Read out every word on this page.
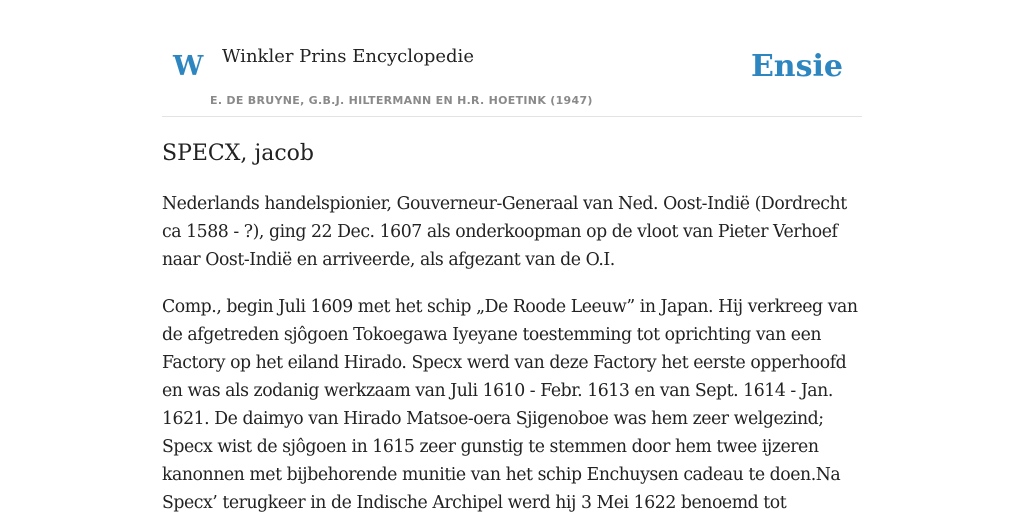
W Winkler Prins Encyclopedie
E. DE BRUYNE, G.B.J. HILTERMANN EN H.R. HOETINK (1947)
Ensie
SPECX, jacob
Nederlands handelspionier, Gouverneur-Generaal van Ned. Oost-Indië (Dordrecht
ca 1588 - ?), ging 22 Dec. 1607 als onderkoopman op de vloot van Pieter Verhoef
naar Oost-Indië en arriveerde, als afgezant van de O.I.
Comp., begin Juli 1609 met het schip „De Roode Leeuw” in Japan. Hij verkreeg van
de afgetreden sjôgoen Tokoegawa Iyeyane toestemming tot oprichting van een
Factory op het eiland Hirado. Specx werd van deze Factory het eerste opperhoofd
en was als zodanig werkzaam van Juli 1610 - Febr. 1613 en van Sept. 1614 - Jan.
1621. De daimyo van Hirado Matsoe-oera Sjigenoboe was hem zeer welgezind;
Specx wist de sjôgoen in 1615 zeer gunstig te stemmen door hem twee ijzeren
kanonnen met bijbehorende munitie van het schip Enchuysen cadeau te doen.Na
Specx’ terugkeer in de Indische Archipel werd hij 3 Mei 1622 benoemd tot
